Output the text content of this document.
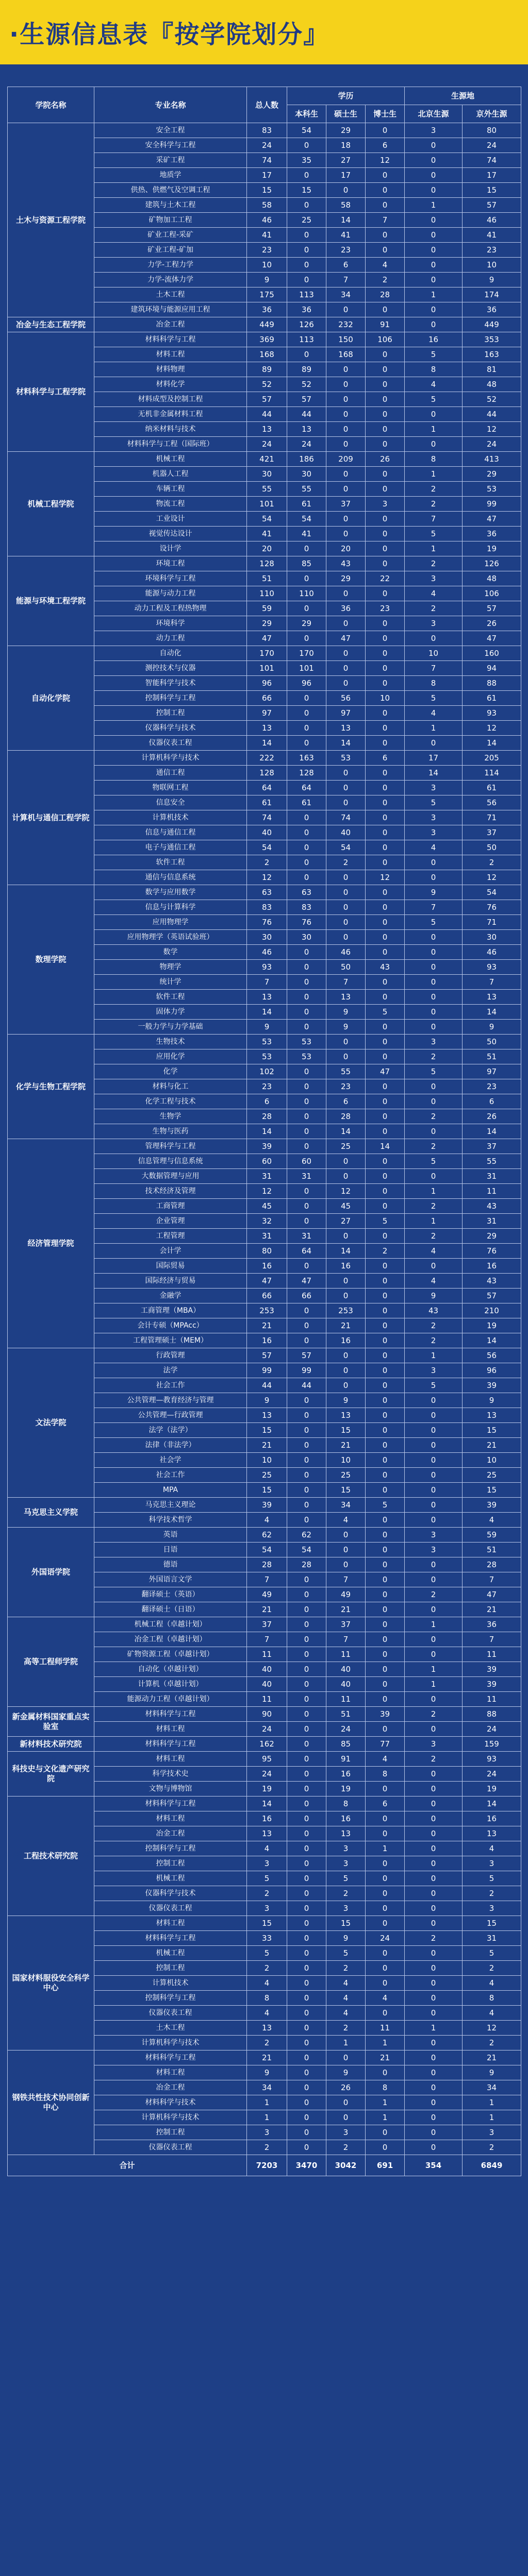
·生源信息表『按学院划分』
学院名称	专业名称	总人数	学历			生源地	
			本科生	硕士生	博士生	北京生源	京外生源
土木与资源工程学院	安全工程	83	54	29	0	3	80
	安全科学与工程	24	0	18	6	0	24
	采矿工程	74	35	27	12	0	74
	地质学	17	0	17	0	0	17
	供热、供燃气及空调工程	15	15	0	0	0	15
	建筑与土木工程	58	0	58	0	1	57
	矿物加工工程	46	25	14	7	0	46
	矿业工程-采矿	41	0	41	0	0	41
	矿业工程-矿加	23	0	23	0	0	23
	力学-工程力学	10	0	6	4	0	10
	力学-流体力学	9	0	7	2	0	9
	土木工程	175	113	34	28	1	174
	建筑环境与能源应用工程	36	36	0	0	0	36
冶金与生态工程学院	冶金工程	449	126	232	91	0	449
材料科学与工程学院	材料科学与工程	369	113	150	106	16	353
	材料工程	168	0	168	0	5	163
	材料物理	89	89	0	0	8	81
	材料化学	52	52	0	0	4	48
	材料成型及控制工程	57	57	0	0	5	52
	无机非金属材料工程	44	44	0	0	0	44
	纳米材料与技术	13	13	0	0	1	12
	材料科学与工程（国际班）	24	24	0	0	0	24
机械工程学院	机械工程	421	186	209	26	8	413
	机器人工程	30	30	0	0	1	29
	车辆工程	55	55	0	0	2	53
	物流工程	101	61	37	3	2	99
	工业设计	54	54	0	0	7	47
	视觉传达设计	41	41	0	0	5	36
	设计学	20	0	20	0	1	19
能源与环境工程学院	环境工程	128	85	43	0	2	126
	环境科学与工程	51	0	29	22	3	48
	能源与动力工程	110	110	0	0	4	106
	动力工程及工程热物理	59	0	36	23	2	57
	环境科学	29	29	0	0	3	26
	动力工程	47	0	47	0	0	47
自动化学院	自动化	170	170	0	0	10	160
	测控技术与仪器	101	101	0	0	7	94
	智能科学与技术	96	96	0	0	8	88
	控制科学与工程	66	0	56	10	5	61
	控制工程	97	0	97	0	4	93
	仪器科学与技术	13	0	13	0	1	12
	仪器仪表工程	14	0	14	0	0	14
计算机与通信工程学院	计算机科学与技术	222	163	53	6	17	205
	通信工程	128	128	0	0	14	114
	物联网工程	64	64	0	0	3	61
	信息安全	61	61	0	0	5	56
	计算机技术	74	0	74	0	3	71
	信息与通信工程	40	0	40	0	3	37
	电子与通信工程	54	0	54	0	4	50
	软件工程	2	0	2	0	0	2
	通信与信息系统	12	0	0	12	0	12
数理学院	数学与应用数学	63	63	0	0	9	54
	信息与计算科学	83	83	0	0	7	76
	应用物理学	76	76	0	0	5	71
	应用物理学（英语试验班）	30	30	0	0	0	30
	数学	46	0	46	0	0	46
	物理学	93	0	50	43	0	93
	统计学	7	0	7	0	0	7
	软件工程	13	0	13	0	0	13
	固体力学	14	0	9	5	0	14
	一般力学与力学基础	9	0	9	0	0	9
化学与生物工程学院	生物技术	53	53	0	0	3	50
	应用化学	53	53	0	0	2	51
	化学	102	0	55	47	5	97
	材料与化工	23	0	23	0	0	23
	化学工程与技术	6	0	6	0	0	6
	生物学	28	0	28	0	2	26
	生物与医药	14	0	14	0	0	14
经济管理学院	管理科学与工程	39	0	25	14	2	37
	信息管理与信息系统	60	60	0	0	5	55
	大数据管理与应用	31	31	0	0	0	31
	技术经济及管理	12	0	12	0	1	11
	工商管理	45	0	45	0	2	43
	企业管理	32	0	27	5	1	31
	工程管理	31	31	0	0	2	29
	会计学	80	64	14	2	4	76
	国际贸易	16	0	16	0	0	16
	国际经济与贸易	47	47	0	0	4	43
	金融学	66	66	0	0	9	57
	工商管理（MBA）	253	0	253	0	43	210
	会计专硕（MPAcc）	21	0	21	0	2	19
	工程管理硕士（MEM）	16	0	16	0	2	14
文法学院	行政管理	57	57	0	0	1	56
	法学	99	99	0	0	3	96
	社会工作	44	44	0	0	5	39
	公共管理—教育经济与管理	9	0	9	0	0	9
	公共管理—行政管理	13	0	13	0	0	13
	法学（法学）	15	0	15	0	0	15
	法律（非法学）	21	0	21	0	0	21
	社会学	10	0	10	0	0	10
	社会工作	25	0	25	0	0	25
	MPA	15	0	15	0	0	15
马克思主义学院	马克思主义理论	39	0	34	5	0	39
	科学技术哲学	4	0	4	0	0	4
外国语学院	英语	62	62	0	0	3	59
	日语	54	54	0	0	3	51
	德语	28	28	0	0	0	28
	外国语言文学	7	0	7	0	0	7
	翻译硕士（英语）	49	0	49	0	2	47
	翻译硕士（日语）	21	0	21	0	0	21
高等工程师学院	机械工程（卓越计划）	37	0	37	0	1	36
	冶金工程（卓越计划）	7	0	7	0	0	7
	矿物资源工程（卓越计划）	11	0	11	0	0	11
	自动化（卓越计划）	40	0	40	0	1	39
	计算机（卓越计划）	40	0	40	0	1	39
	能源动力工程（卓越计划）	11	0	11	0	0	11
新金属材料国家重点实验室	材料科学与工程	90	0	51	39	2	88
	材料工程	24	0	24	0	0	24
新材料技术研究院	材料科学与工程	162	0	85	77	3	159
科技史与文化遗产研究院	材料工程	95	0	91	4	2	93
	科学技术史	24	0	16	8	0	24
	文物与博物馆	19	0	19	0	0	19
工程技术研究院	材料科学与工程	14	0	8	6	0	14
	材料工程	16	0	16	0	0	16
	冶金工程	13	0	13	0	0	13
	控制科学与工程	4	0	3	1	0	4
	控制工程	3	0	3	0	0	3
	机械工程	5	0	5	0	0	5
	仪器科学与技术	2	0	2	0	0	2
	仪器仪表工程	3	0	3	0	0	3
国家材料服役安全科学中心	材料工程	15	0	15	0	0	15
	材料科学与工程	33	0	9	24	2	31
	机械工程	5	0	5	0	0	5
	控制工程	2	0	2	0	0	2
	计算机技术	4	0	4	0	0	4
	控制科学与工程	8	0	4	4	0	8
	仪器仪表工程	4	0	4	0	0	4
	土木工程	13	0	2	11	1	12
	计算机科学与技术	2	0	1	1	0	2
钢铁共性技术协同创新中心	材料科学与工程	21	0	0	21	0	21
	材料工程	9	0	9	0	0	9
	冶金工程	34	0	26	8	0	34
	材料科学与技术	1	0	0	1	0	1
	计算机科学与技术	1	0	0	1	0	1
	控制工程	3	0	3	0	0	3
	仪器仪表工程	2	0	2	0	0	2
合计		7203	3470	3042	691	354	6849
